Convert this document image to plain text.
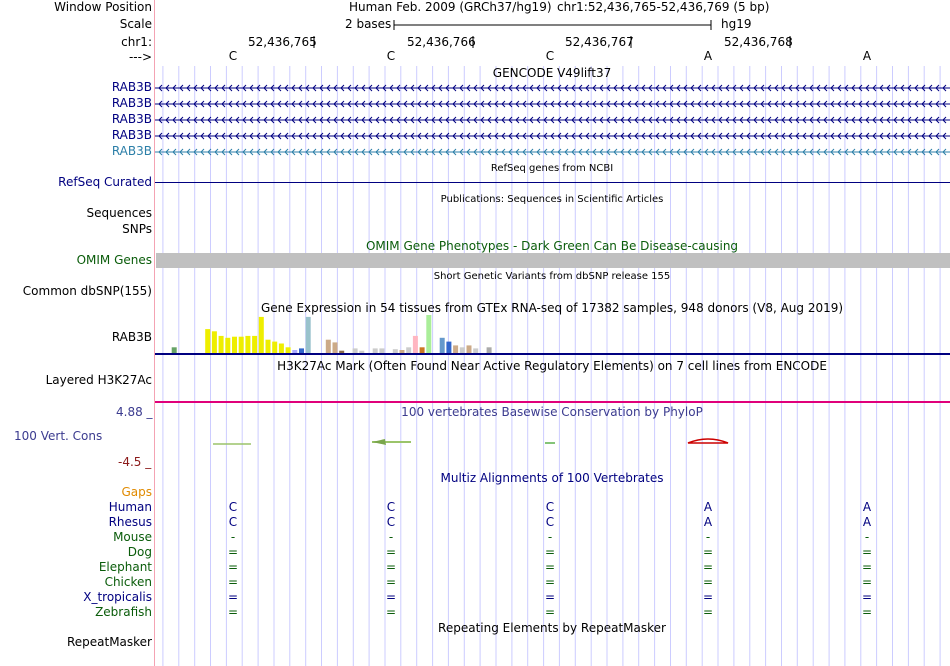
Window Position
Scale
chr1:
--->
Human Feb. 2009 (GRCh37/hg19) chr1:52,436,765-52,436,769 (5 bp)
2 bases	hg19
52,436,765	52,436,766	52,436,767	52,436,768
C	C	C	A	A
GENCODE V49lift37
RAB3B
RAB3B
RAB3B
RAB3B
RAB3B
RefSeq genes from NCBI
RefSeq Curated
Publications: Sequences in Scientific Articles
Sequences
SNPs
OMIM Gene Phenotypes - Dark Green Can Be Disease-causing
OMIM Genes
Short Genetic Variants from dbSNP release 155
Common dbSNP(155)
Gene Expression in 54 tissues from GTEx RNA-seq of 17382 samples, 948 donors (V8, Aug 2019)
RAB3B
H3K27Ac Mark (Often Found Near Active Regulatory Elements) on 7 cell lines from ENCODE
Layered H3K27Ac
100 vertebrates Basewise Conservation by PhyloP
4.88 _
100 Vert. Cons
-4.5 _
Multiz Alignments of 100 Vertebrates
Gaps
Human	C	C	C	A	A
Rhesus	C	C	C	A	A
Mouse	-	-	-	-	-
Dog	=	=	=	=	=
Elephant	=	=	=	=	=
Chicken	=	=	=	=	=
X_tropicalis	=	=	=	=	=
Zebrafish	=	=	=	=	=
Repeating Elements by RepeatMasker
RepeatMasker
